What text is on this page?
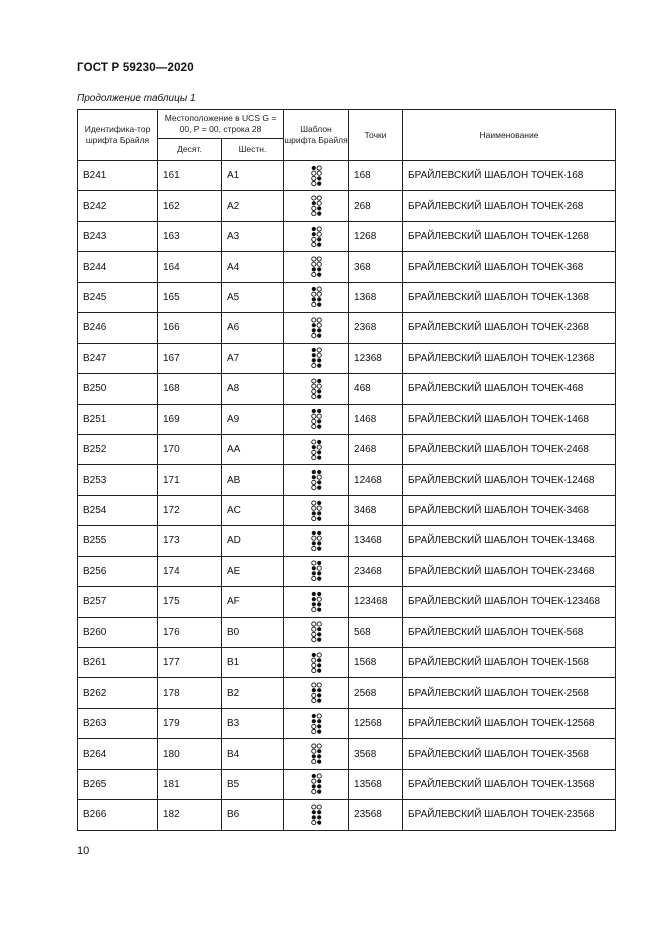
ГОСТ Р 59230—2020
Продолжение таблицы 1
Идентифика-тор шрифта Брайля	Местоположение в UCS G = 00, Р = 00, строка 28		Шаблон шрифта Брайля	Точки	Наименование
	Десят.	Шестн.			
B241	161	A1		168	БРАЙЛЕВСКИЙ ШАБЛОН ТОЧЕК-168
B242	162	A2		268	БРАЙЛЕВСКИЙ ШАБЛОН ТОЧЕК-268
B243	163	A3		1268	БРАЙЛЕВСКИЙ ШАБЛОН ТОЧЕК-1268
B244	164	A4		368	БРАЙЛЕВСКИЙ ШАБЛОН ТОЧЕК-368
B245	165	A5		1368	БРАЙЛЕВСКИЙ ШАБЛОН ТОЧЕК-1368
B246	166	A6		2368	БРАЙЛЕВСКИЙ ШАБЛОН ТОЧЕК-2368
B247	167	A7		12368	БРАЙЛЕВСКИЙ ШАБЛОН ТОЧЕК-12368
B250	168	A8		468	БРАЙЛЕВСКИЙ ШАБЛОН ТОЧЕК-468
B251	169	A9		1468	БРАЙЛЕВСКИЙ ШАБЛОН ТОЧЕК-1468
B252	170	AA		2468	БРАЙЛЕВСКИЙ ШАБЛОН ТОЧЕК-2468
B253	171	AB		12468	БРАЙЛЕВСКИЙ ШАБЛОН ТОЧЕК-12468
B254	172	AC		3468	БРАЙЛЕВСКИЙ ШАБЛОН ТОЧЕК-3468
B255	173	AD		13468	БРАЙЛЕВСКИЙ ШАБЛОН ТОЧЕК-13468
B256	174	AE		23468	БРАЙЛЕВСКИЙ ШАБЛОН ТОЧЕК-23468
B257	175	AF		123468	БРАЙЛЕВСКИЙ ШАБЛОН ТОЧЕК-123468
B260	176	B0		568	БРАЙЛЕВСКИЙ ШАБЛОН ТОЧЕК-568
B261	177	B1		1568	БРАЙЛЕВСКИЙ ШАБЛОН ТОЧЕК-1568
B262	178	B2		2568	БРАЙЛЕВСКИЙ ШАБЛОН ТОЧЕК-2568
B263	179	B3		12568	БРАЙЛЕВСКИЙ ШАБЛОН ТОЧЕК-12568
B264	180	B4		3568	БРАЙЛЕВСКИЙ ШАБЛОН ТОЧЕК-3568
B265	181	B5		13568	БРАЙЛЕВСКИЙ ШАБЛОН ТОЧЕК-13568
B266	182	B6		23568	БРАЙЛЕВСКИЙ ШАБЛОН ТОЧЕК-23568
10
